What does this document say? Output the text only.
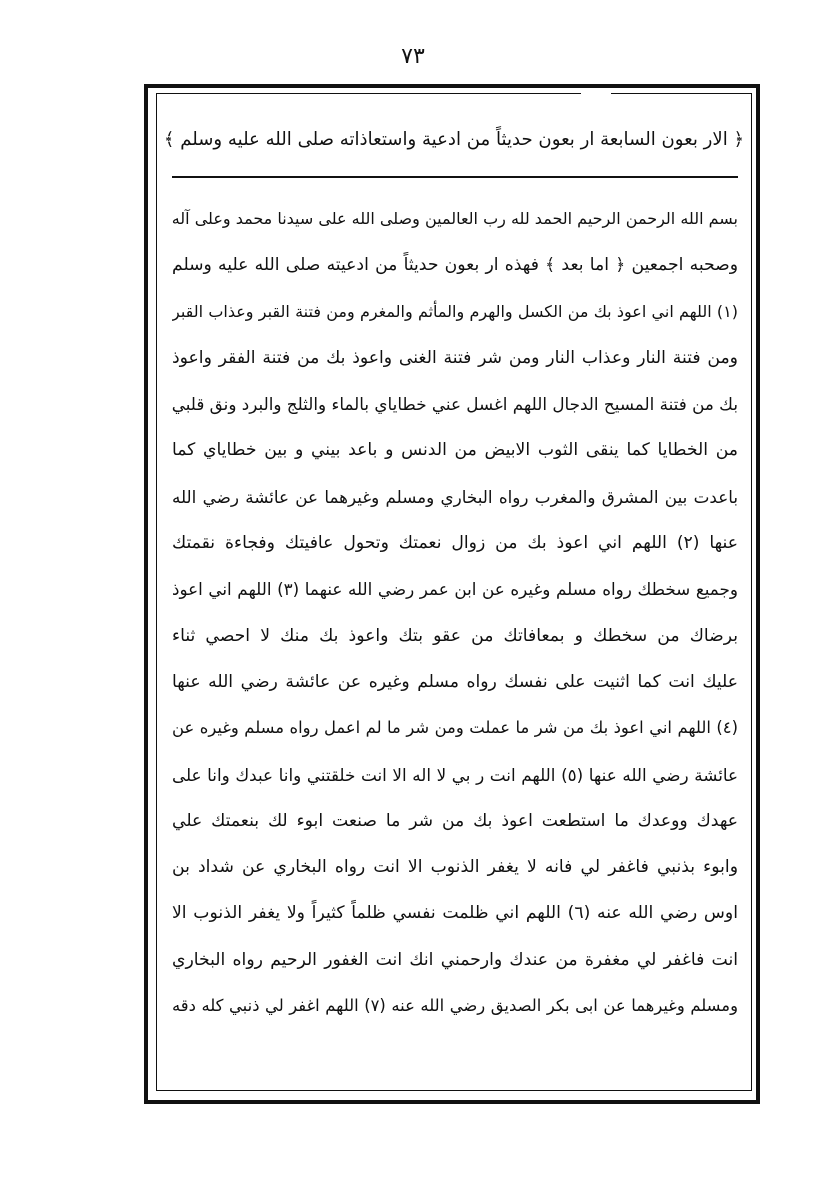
٧٣
﴿ الار بعون السابعة ار بعون حديثاً من ادعية واستعاذاته صلى الله عليه وسلم ﴾
بسم الله الرحمن الرحيم الحمد لله رب العالمين وصلى الله على سيدنا محمد وعلى آله
وصحبه اجمعين ﴿ اما بعد ﴾ فهذه ار بعون حديثاً من ادعيته صلى الله عليه وسلم
(١) اللهم اني اعوذ بك من الكسل والهرم والمأثم والمغرم ومن فتنة القبر وعذاب القبر
ومن فتنة النار وعذاب النار ومن شر فتنة الغنى واعوذ بك من فتنة الفقر واعوذ
بك من فتنة المسيح الدجال اللهم اغسل عني خطاياي بالماء والثلج والبرد ونق قلبي
من الخطايا كما ينقى الثوب الابيض من الدنس و باعد بيني و بين خطاياي كما
باعدت بين المشرق والمغرب رواه البخاري ومسلم وغيرهما عن عائشة رضي الله
عنها (٢) اللهم اني اعوذ بك من زوال نعمتك وتحول عافيتك وفجاءة نقمتك
وجميع سخطك رواه مسلم وغيره عن ابن عمر رضي الله عنهما (٣) اللهم اني اعوذ
برضاك من سخطك و بمعافاتك من عقو بتك واعوذ بك منك لا احصي ثناء
عليك انت كما اثنيت على نفسك رواه مسلم وغيره عن عائشة رضي الله عنها
(٤) اللهم اني اعوذ بك من شر ما عملت ومن شر ما لم اعمل رواه مسلم وغيره عن
عائشة رضي الله عنها (٥) اللهم انت ر بي لا اله الا انت خلقتني وانا عبدك وانا على
عهدك ووعدك ما استطعت اعوذ بك من شر ما صنعت ابوء لك بنعمتك علي
وابوء بذنبي فاغفر لي فانه لا يغفر الذنوب الا انت رواه البخاري عن شداد بن
اوس رضي الله عنه (٦) اللهم اني ظلمت نفسي ظلماً كثيراً ولا يغفر الذنوب الا
انت فاغفر لي مغفرة من عندك وارحمني انك انت الغفور الرحيم رواه البخاري
ومسلم وغيرهما عن ابى بكر الصديق رضي الله عنه (٧) اللهم اغفر لي ذنبي كله دقه
